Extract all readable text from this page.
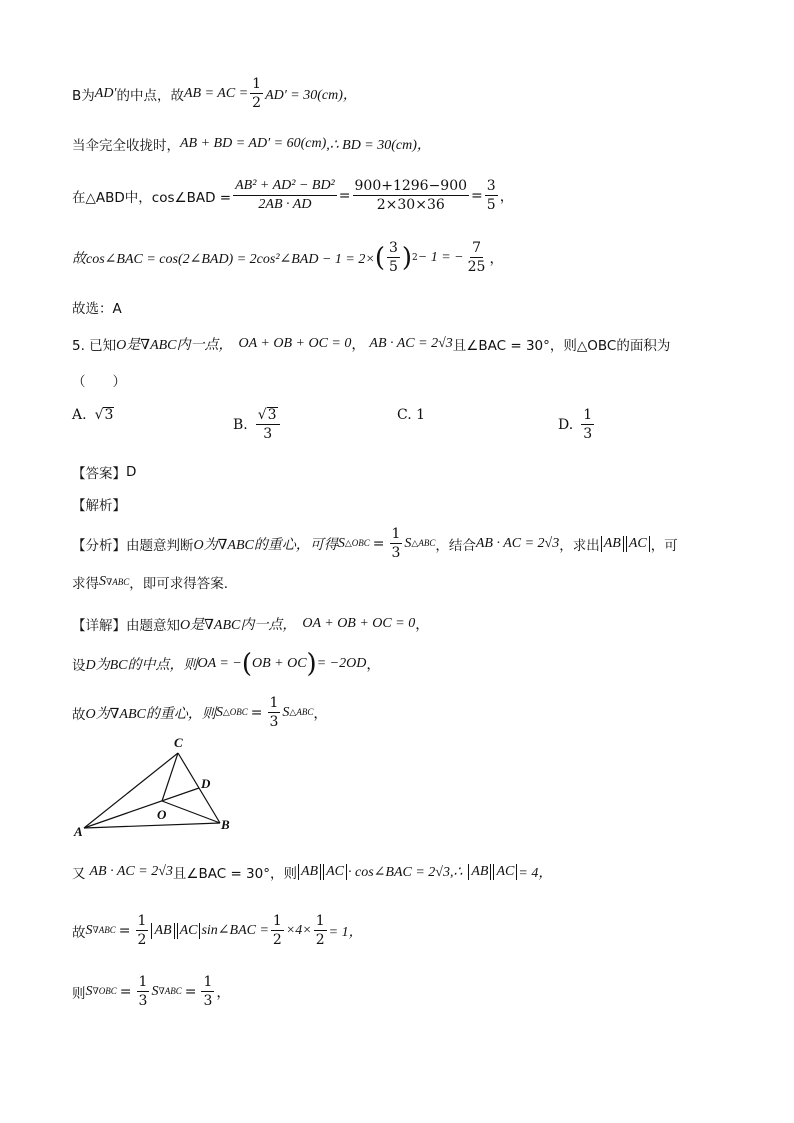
B为 AD′ 的中点，故 AB = AC = $\frac{1}{2} AD' = 30(cm)$，
当伞完全收拢时， AB + BD = AD′ = 60(cm) ,∴ BD = 30(cm)，
在△ABD中，cos∠BAD = $\frac{\text{AB² + AD² − BD²}}{2AB \cdot AD} = \frac{900+1296-900}{2\times 30\times 36} = \frac{3}{5}$ ，
故cos∠BAC = cos(2∠BAD) = 2cos²∠BAD − 1 = 2× ( $\frac{3}{5}$ ) 2 − 1 = − $\frac{7}{25}$ ，
故选：A
5. 已知 O是 ∇ABC内一点， OA + OB + OC = 0 ， AB · AC = 2√3 且∠BAC = 30°，则△OBC的面积为
（　　）
A. √ 3
B. $\frac{√ 3}{3}$	C. 1
D. $\frac{1}{3}$
【答案】 D
【解析】
【分析】由题意判断 O为 ∇ABC的重心，可得 S △OBC = $\frac{1}{3}$ S △ABC ，结合 AB · AC = 2√3 ，求出 AB AC ，可
求得 S ∇ABC ，即可求得答案.
【详解】由题意知 O是 ∇ABC内一点， OA + OB + OC = 0 ，
设 D为 BC的中点，则 OA = − ( OB + OC ) = −2 OD ，
故 O为 ∇ABC的重心，则 S △OBC = $\frac{1}{3}$ S △ABC ，
C
D
O
A	B
又 AB · AC = 2√3 且∠BAC = 30°，则 AB AC · cos∠BAC = 2√3,∴ AB AC = 4，
故 S $\nabla ABC = \frac{1}{2}$ AB AC sin∠BAC = $\frac{1}{2} \times 4\times \frac{1}{2} = 1$，
则 S $\nabla OBC = \frac{1}{3}$ S $\nabla ABC = \frac{1}{3}$ ，
